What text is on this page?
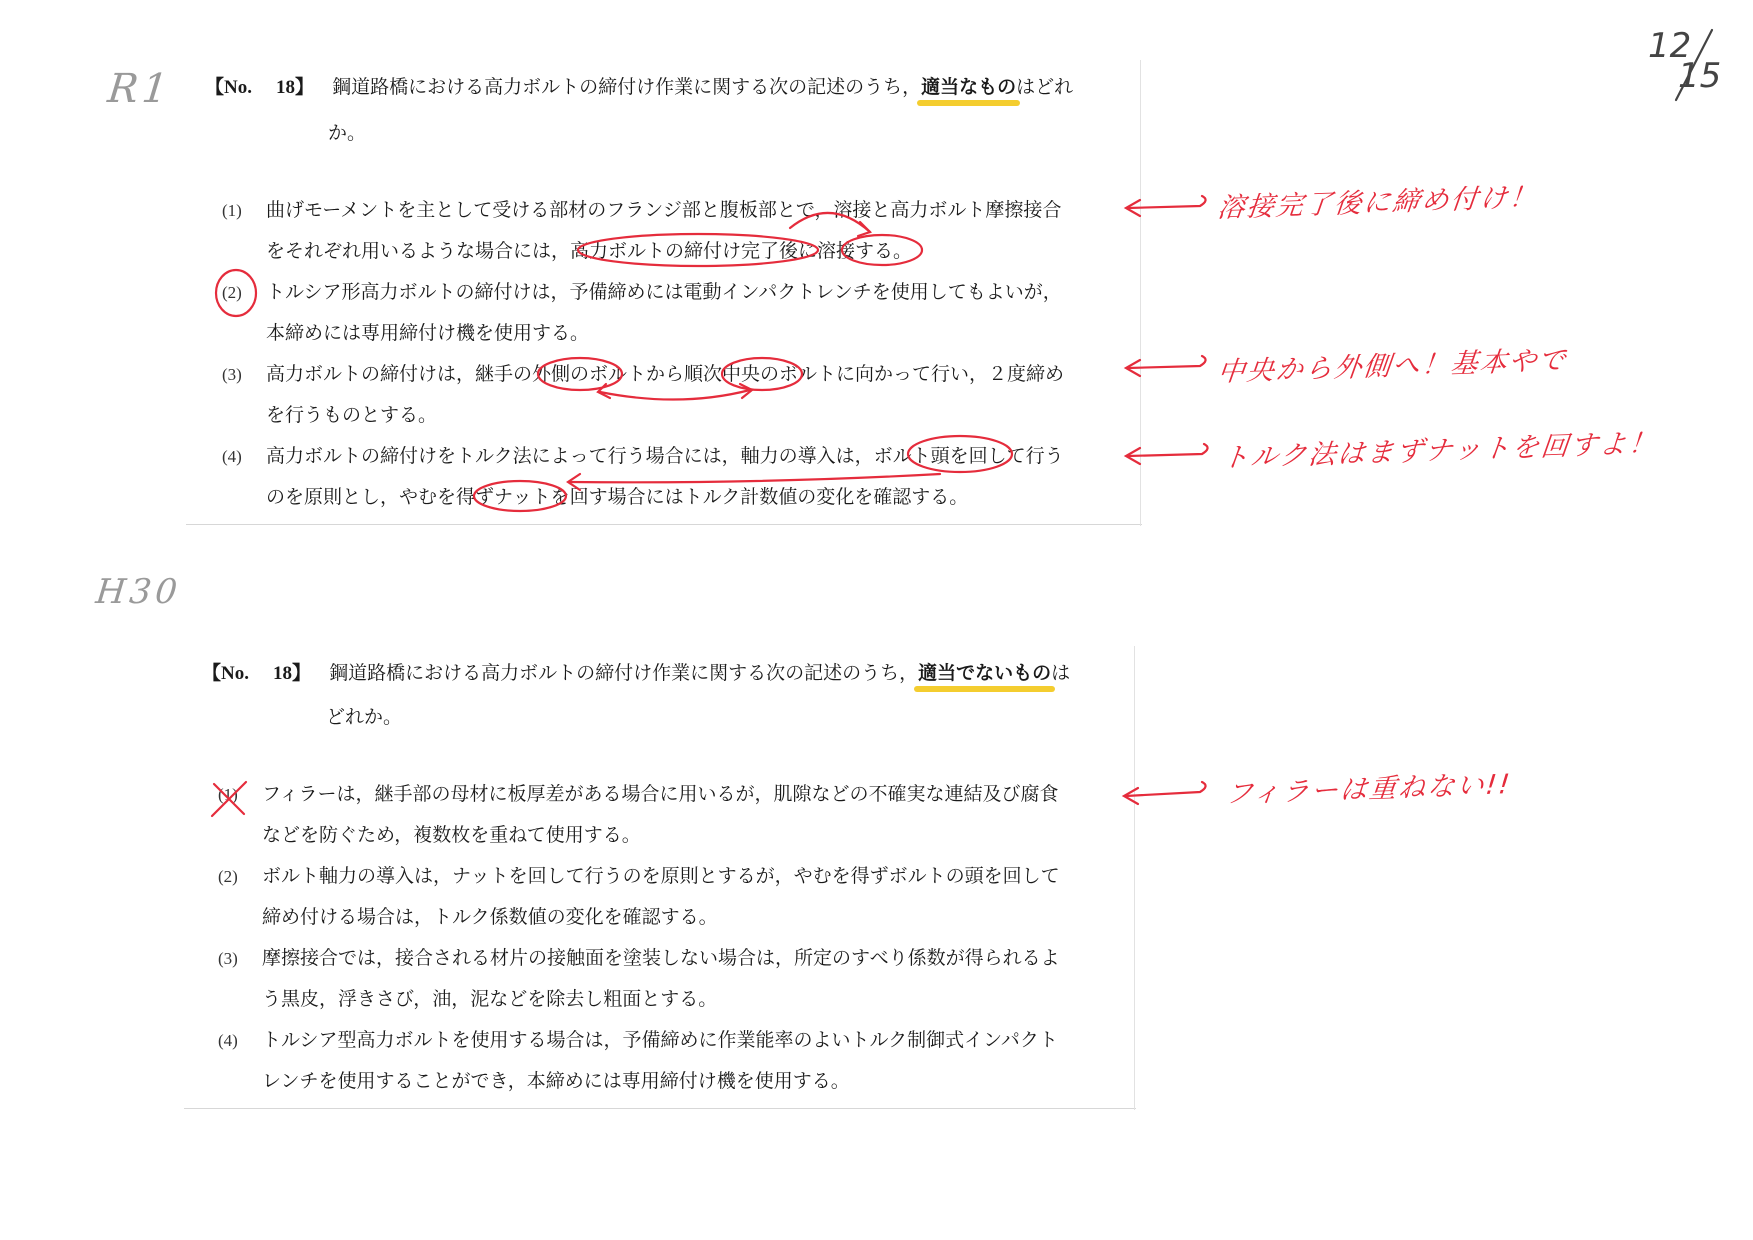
R1
H30
12
15
【No. 18】 鋼道路橋における高力ボルトの締付け作業に関する次の記述のうち，適当なものはどれ
か。
(1) 曲げモーメントを主として受ける部材のフランジ部と腹板部とで，溶接と高力ボルト摩擦接合
をそれぞれ用いるような場合には，高力ボルトの締付け完了後に溶接する。
(2) トルシア形高力ボルトの締付けは，予備締めには電動インパクトレンチを使用してもよいが，
本締めには専用締付け機を使用する。
(3) 高力ボルトの締付けは，継手の外側のボルトから順次中央のボルトに向かって行い，２度締め
を行うものとする。
(4) 高力ボルトの締付けをトルク法によって行う場合には，軸力の導入は，ボルト頭を回して行う
のを原則とし，やむを得ずナットを回す場合にはトルク計数値の変化を確認する。
溶接完了後に締め付け！
中央から外側へ！基本やで
トルク法はまずナットを回すよ！
【No. 18】 鋼道路橋における高力ボルトの締付け作業に関する次の記述のうち，適当でないものは
どれか。
(1) フィラーは，継手部の母材に板厚差がある場合に用いるが，肌隙などの不確実な連結及び腐食
などを防ぐため，複数枚を重ねて使用する。
(2) ボルト軸力の導入は，ナットを回して行うのを原則とするが，やむを得ずボルトの頭を回して
締め付ける場合は，トルク係数値の変化を確認する。
(3) 摩擦接合では，接合される材片の接触面を塗装しない場合は，所定のすべり係数が得られるよ
う黒皮，浮きさび，油，泥などを除去し粗面とする。
(4) トルシア型高力ボルトを使用する場合は，予備締めに作業能率のよいトルク制御式インパクト
レンチを使用することができ，本締めには専用締付け機を使用する。
フィラーは重ねない!!
